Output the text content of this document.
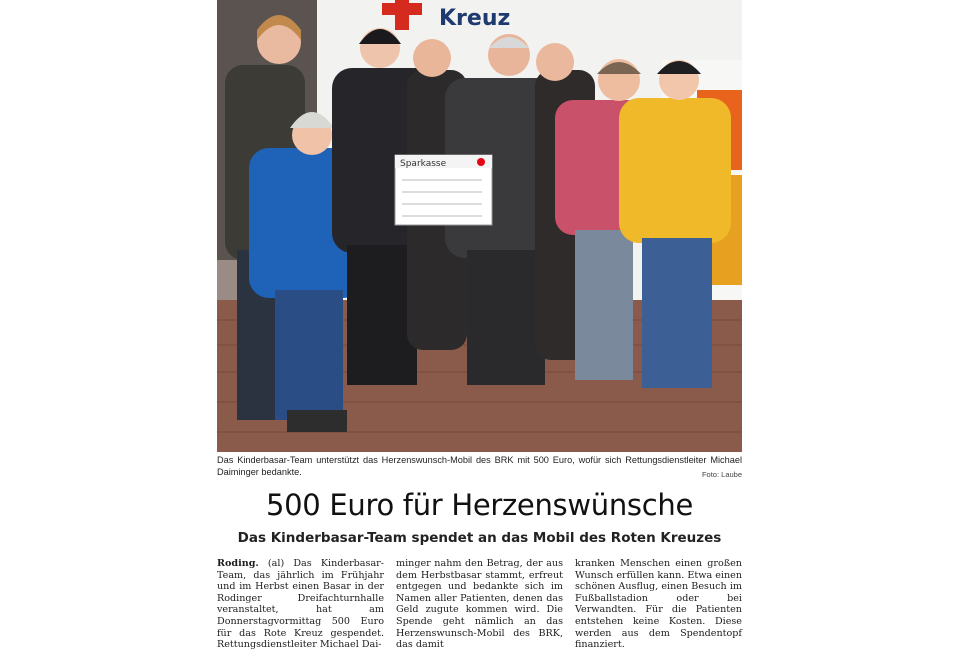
Kreuz
Sparkasse
Das Kinderbasar-Team unterstützt das Herzenswunsch-Mobil des BRK mit 500 Euro, wofür sich Rettungsdienstleiter Michael Daiminger bedankte.	Foto: Laube
500 Euro für Herzenswünsche
Das Kinderbasar-Team spendet an das Mobil des Roten Kreuzes
Roding. (al) Das Kinderbasar-Team, das jährlich im Frühjahr und im Herbst einen Basar in der Rodinger Dreifachturnhalle veranstaltet, hat am Donnerstagvormittag 500 Euro für das Rote Kreuz gespendet. Rettungsdienstleiter Michael Dai-
minger nahm den Betrag, der aus dem Herbstbasar stammt, erfreut entgegen und bedankte sich im Namen aller Patienten, denen das Geld zugute kommen wird. Die Spende geht nämlich an das Herzenswunsch-Mobil des BRK, das damit
kranken Menschen einen großen Wunsch erfüllen kann. Etwa einen schönen Ausflug, einen Besuch im Fußballstadion oder bei Verwandten. Für die Patienten entstehen keine Kosten. Diese werden aus dem Spendentopf finanziert.
